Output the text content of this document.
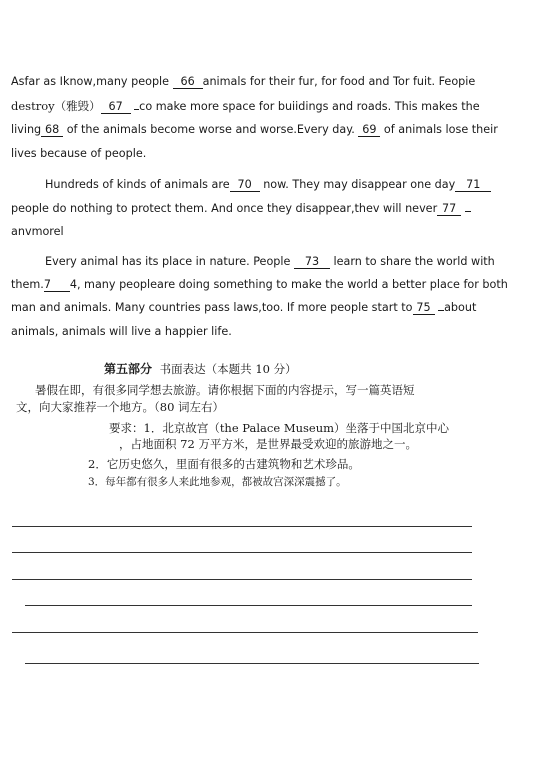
Asfar as Iknow,many people 66 animals for their fur, for food and Tor fuit. Feopie
destroy（雅毁） 67 co make more space for buiidings and roads. This makes the
living 68 of the animals become worse and worse.Every day. 69 of animals lose their
lives because of people.
Hundreds of kinds of animals are 70 now. They may disappear one day 71
people do nothing to protect them. And once they disappear,thev will never 77
anvmorel
Every animal has its place in nature. People 73 learn to share the world with
them.7 4, many peopleare doing something to make the world a better place for both
man and animals. Many countries pass laws,too. If more people start to 75 about
animals, animals will live a happier life.
第五部分 书面表达（本题共 10 分）
暑假在即，有很多同学想去旅游。请你根据下面的内容提示，写一篇英语短
文，向大家推荐一个地方。（80 词左右）
要求：1．北京故宫（the Palace Museum）坐落于中国北京中心
，占地面积 72 万平方米，是世界最受欢迎的旅游地之一。
2．它历史悠久，里面有很多的古建筑物和艺术珍品。
3．每年都有很多人来此地参观，都被故宫深深震撼了。
